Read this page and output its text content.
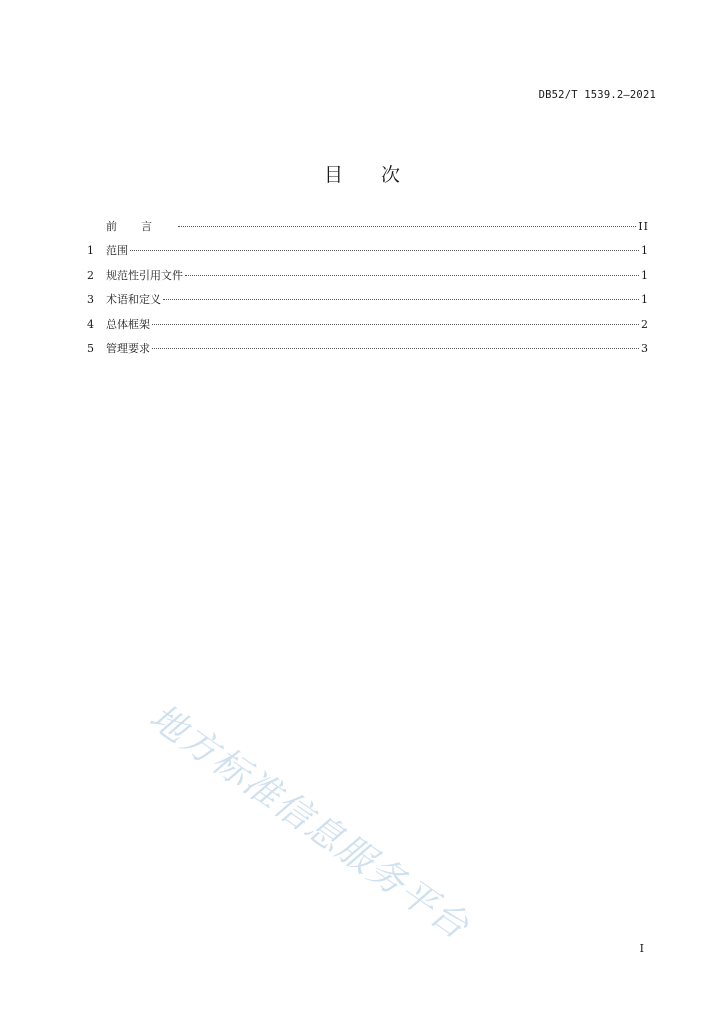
DB52/T 1539.2—2021
目 次
前言	II
1	范围	1
2	规范性引用文件	1
3	术语和定义	1
4	总体框架	2
5	管理要求	3
地方标准信息服务平台
I
